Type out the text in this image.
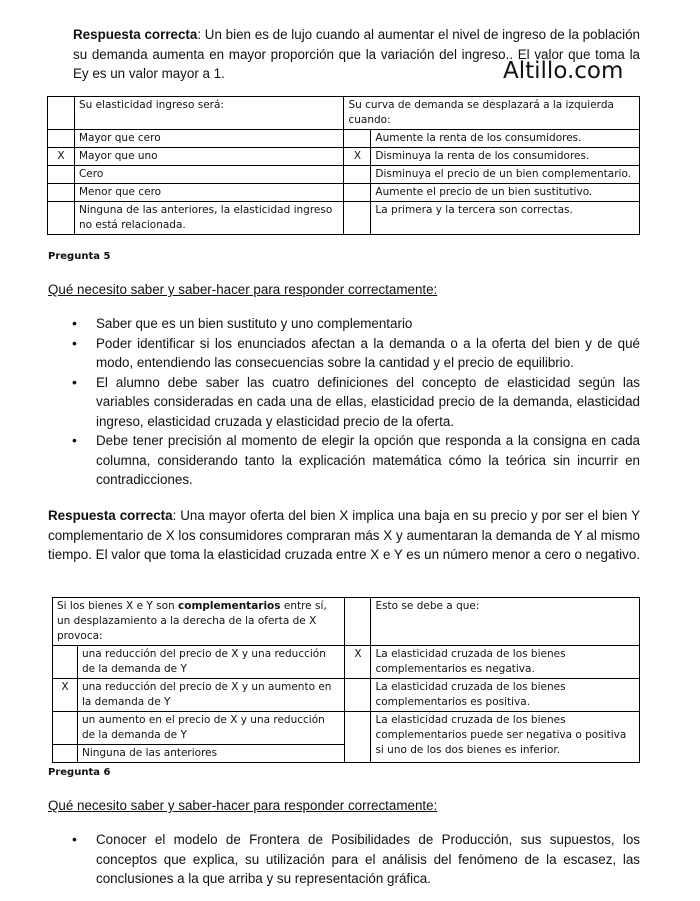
Respuesta correcta: Un bien es de lujo cuando al aumentar el nivel de ingreso de la población su demanda aumenta en mayor proporción que la variación del ingreso.. El valor que toma la Ey es un valor mayor a 1.	Altillo.com
	Su elasticidad ingreso será:	Su curva de demanda se desplazará a la izquierda cuando:	
	Mayor que cero		Aumente la renta de los consumidores.
X	Mayor que uno	X	Disminuya la renta de los consumidores.
	Cero		Disminuya el precio de un bien complementario.
	Menor que cero		Aumente el precio de un bien sustitutivo.
	Ninguna de las anteriores, la elasticidad ingreso no está relacionada.		La primera y la tercera son correctas.
Pregunta 5
Qué necesito saber y saber-hacer para responder correctamente:
• Saber que es un bien sustituto y uno complementario
• Poder identificar si los enunciados afectan a la demanda o a la oferta del bien y de qué modo, entendiendo las consecuencias sobre la cantidad y el precio de equilibrio.
• El alumno debe saber las cuatro definiciones del concepto de elasticidad según las variables consideradas en cada una de ellas, elasticidad precio de la demanda, elasticidad ingreso, elasticidad cruzada y elasticidad precio de la oferta.
• Debe tener precisión al momento de elegir la opción que responda a la consigna en cada columna, considerando tanto la explicación matemática cómo la teórica sin incurrir en contradicciones.
Respuesta correcta: Una mayor oferta del bien X implica una baja en su precio y por ser el bien Y complementario de X los consumidores compraran más X y aumentaran la demanda de Y al mismo tiempo. El valor que toma la elasticidad cruzada entre X e Y es un número menor a cero o negativo.
Si los bienes X e Y son complementarios entre sí, un desplazamiento a la derecha de la oferta de X provoca:			Esto se debe a que:
	una reducción del precio de X y una reducción de la demanda de Y	X	La elasticidad cruzada de los bienes complementarios es negativa.
X	una reducción del precio de X y un aumento en la demanda de Y		La elasticidad cruzada de los bienes complementarios es positiva.
	un aumento en el precio de X y una reducción de la demanda de Y		La elasticidad cruzada de los bienes complementarios puede ser negativa o positiva si uno de los dos bienes es inferior.
	Ninguna de las anteriores		
Pregunta 6
Qué necesito saber y saber-hacer para responder correctamente:
• Conocer el modelo de Frontera de Posibilidades de Producción, sus supuestos, los conceptos que explica, su utilización para el análisis del fenómeno de la escasez, las conclusiones a la que arriba y su representación gráfica.
